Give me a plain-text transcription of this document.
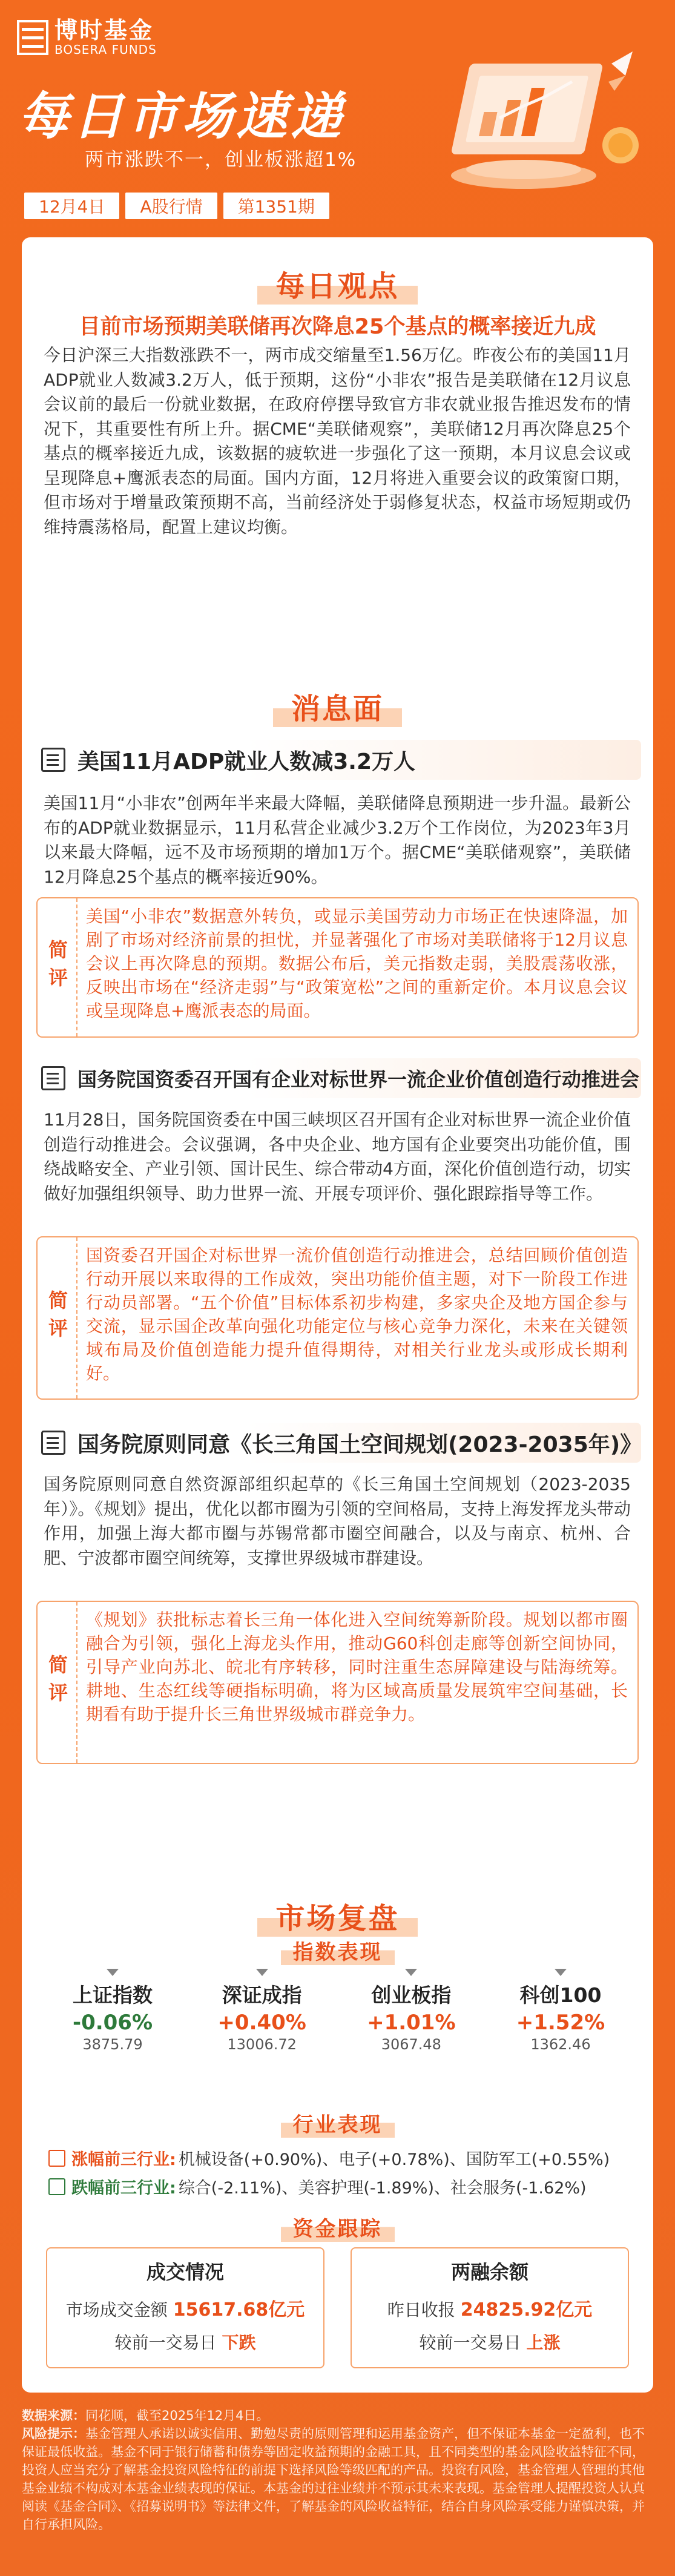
博时基金
BOSERA FUNDS
每日市场速递
两市涨跌不一，创业板涨超1%
12月4日	A股行情	第1351期
每日观点
目前市场预期美联储再次降息25个基点的概率接近九成
今日沪深三大指数涨跌不一，两市成交缩量至1.56万亿。昨夜公布的美国11月ADP就业人数减3.2万人，低于预期，这份“小非农”报告是美联储在12月议息会议前的最后一份就业数据，在政府停摆导致官方非农就业报告推迟发布的情况下，其重要性有所上升。据CME“美联储观察”，美联储12月再次降息25个基点的概率接近九成，该数据的疲软进一步强化了这一预期，本月议息会议或呈现降息+鹰派表态的局面。国内方面，12月将进入重要会议的政策窗口期，但市场对于增量政策预期不高，当前经济处于弱修复状态，权益市场短期或仍维持震荡格局，配置上建议均衡。
消息面
美国11月ADP就业人数减3.2万人
美国11月“小非农”创两年半来最大降幅，美联储降息预期进一步升温。最新公布的ADP就业数据显示，11月私营企业减少3.2万个工作岗位，为2023年3月以来最大降幅，远不及市场预期的增加1万个。据CME“美联储观察”，美联储12月降息25个基点的概率接近90%。
简评
美国“小非农”数据意外转负，或显示美国劳动力市场正在快速降温，加剧了市场对经济前景的担忧，并显著强化了市场对美联储将于12月议息会议上再次降息的预期。数据公布后，美元指数走弱，美股震荡收涨，反映出市场在“经济走弱”与“政策宽松”之间的重新定价。本月议息会议或呈现降息+鹰派表态的局面。
国务院国资委召开国有企业对标世界一流企业价值创造行动推进会
11月28日，国务院国资委在中国三峡坝区召开国有企业对标世界一流企业价值创造行动推进会。会议强调，各中央企业、地方国有企业要突出功能价值，围绕战略安全、产业引领、国计民生、综合带动4方面，深化价值创造行动，切实做好加强组织领导、助力世界一流、开展专项评价、强化跟踪指导等工作。
简评
国资委召开国企对标世界一流价值创造行动推进会，总结回顾价值创造行动开展以来取得的工作成效，突出功能价值主题，对下一阶段工作进行动员部署。“五个价值”目标体系初步构建，多家央企及地方国企参与交流，显示国企改革向强化功能定位与核心竞争力深化，未来在关键领域布局及价值创造能力提升值得期待，对相关行业龙头或形成长期利好。
国务院原则同意《长三角国土空间规划(2023-2035年)》
国务院原则同意自然资源部组织起草的《长三角国土空间规划（2023-2035年）》。《规划》提出，优化以都市圈为引领的空间格局，支持上海发挥龙头带动作用，加强上海大都市圈与苏锡常都市圈空间融合，以及与南京、杭州、合肥、宁波都市圈空间统筹，支撑世界级城市群建设。
简评
《规划》获批标志着长三角一体化进入空间统筹新阶段。规划以都市圈融合为引领，强化上海龙头作用，推动G60科创走廊等创新空间协同，引导产业向苏北、皖北有序转移，同时注重生态屏障建设与陆海统筹。耕地、生态红线等硬指标明确，将为区域高质量发展筑牢空间基础，长期看有助于提升长三角世界级城市群竞争力。
市场复盘
指数表现
上证指数
-0.06%
3875.79
深证成指
+0.40%
13006.72
创业板指
+1.01%
3067.48
科创100
+1.52%
1362.46
行业表现
涨幅前三行业: 机械设备(+0.90%)、电子(+0.78%)、国防军工(+0.55%)
跌幅前三行业: 综合(-2.11%)、美容护理(-1.89%)、社会服务(-1.62%)
资金跟踪
成交情况
市场成交金额 15617.68亿元
较前一交易日 下跌
两融余额
昨日收报 24825.92亿元
较前一交易日 上涨
数据来源：同花顺，截至2025年12月4日。
风险提示：基金管理人承诺以诚实信用、勤勉尽责的原则管理和运用基金资产，但不保证本基金一定盈利，也不保证最低收益。基金不同于银行储蓄和债券等固定收益预期的金融工具，且不同类型的基金风险收益特征不同，投资人应当充分了解基金投资风险特征的前提下选择风险等级匹配的产品。投资有风险，基金管理人管理的其他基金业绩不构成对本基金业绩表现的保证。本基金的过往业绩并不预示其未来表现。基金管理人提醒投资人认真阅读《基金合同》、《招募说明书》等法律文件，了解基金的风险收益特征，结合自身风险承受能力谨慎决策，并自行承担风险。
